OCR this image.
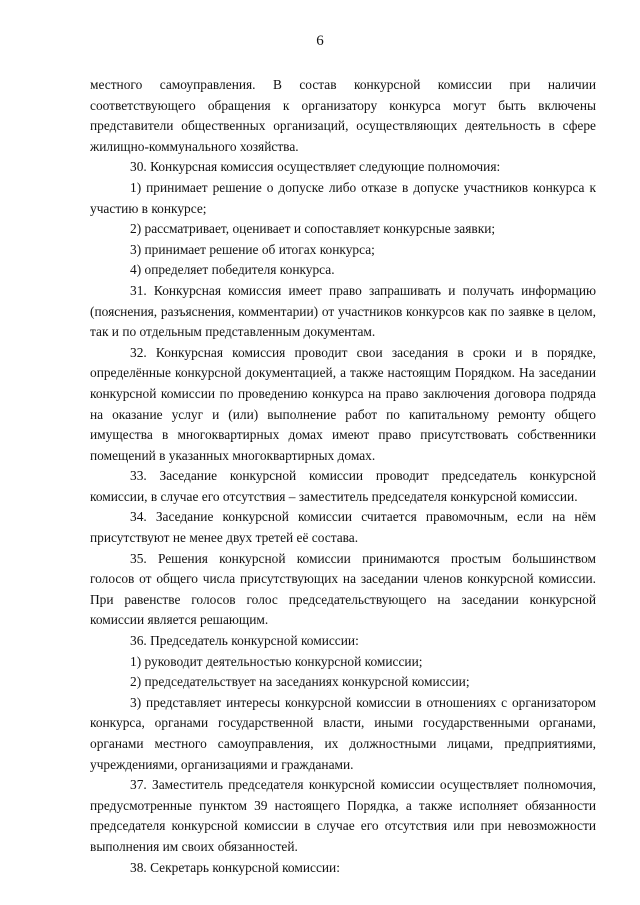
6

местного самоуправления. В состав конкурсной комиссии при наличии соответствующего обращения к организатору конкурса могут быть включены представители общественных организаций, осуществляющих деятельность в сфере жилищно-коммунального хозяйства.

30. Конкурсная комиссия осуществляет следующие полномочия:

1) принимает решение о допуске либо отказе в допуске участников конкурса к участию в конкурсе;

2) рассматривает, оценивает и сопоставляет конкурсные заявки;

3) принимает решение об итогах конкурса;

4) определяет победителя конкурса.

31. Конкурсная комиссия имеет право запрашивать и получать информацию (пояснения, разъяснения, комментарии) от участников конкурсов как по заявке в целом, так и по отдельным представленным документам.

32. Конкурсная комиссия проводит свои заседания в сроки и в порядке, определённые конкурсной документацией, а также настоящим Порядком. На заседании конкурсной комиссии по проведению конкурса на право заключения договора подряда на оказание услуг и (или) выполнение работ по капитальному ремонту общего имущества в многоквартирных домах имеют право присутствовать собственники помещений в указанных многоквартирных домах.

33. Заседание конкурсной комиссии проводит председатель конкурсной комиссии, в случае его отсутствия – заместитель председателя конкурсной комиссии.

34. Заседание конкурсной комиссии считается правомочным, если на нём присутствуют не менее двух третей её состава.

35. Решения конкурсной комиссии принимаются простым большинством голосов от общего числа присутствующих на заседании членов конкурсной комиссии. При равенстве голосов голос председательствующего на заседании конкурсной комиссии является решающим.

36. Председатель конкурсной комиссии:

1) руководит деятельностью конкурсной комиссии;

2) председательствует на заседаниях конкурсной комиссии;

3) представляет интересы конкурсной комиссии в отношениях с организатором конкурса, органами государственной власти, иными государственными органами, органами местного самоуправления, их должностными лицами, предприятиями, учреждениями, организациями и гражданами.

37. Заместитель председателя конкурсной комиссии осуществляет полномочия, предусмотренные пунктом 39 настоящего Порядка, а также исполняет обязанности председателя конкурсной комиссии в случае его отсутствия или при невозможности выполнения им своих обязанностей.

38. Секретарь конкурсной комиссии:
